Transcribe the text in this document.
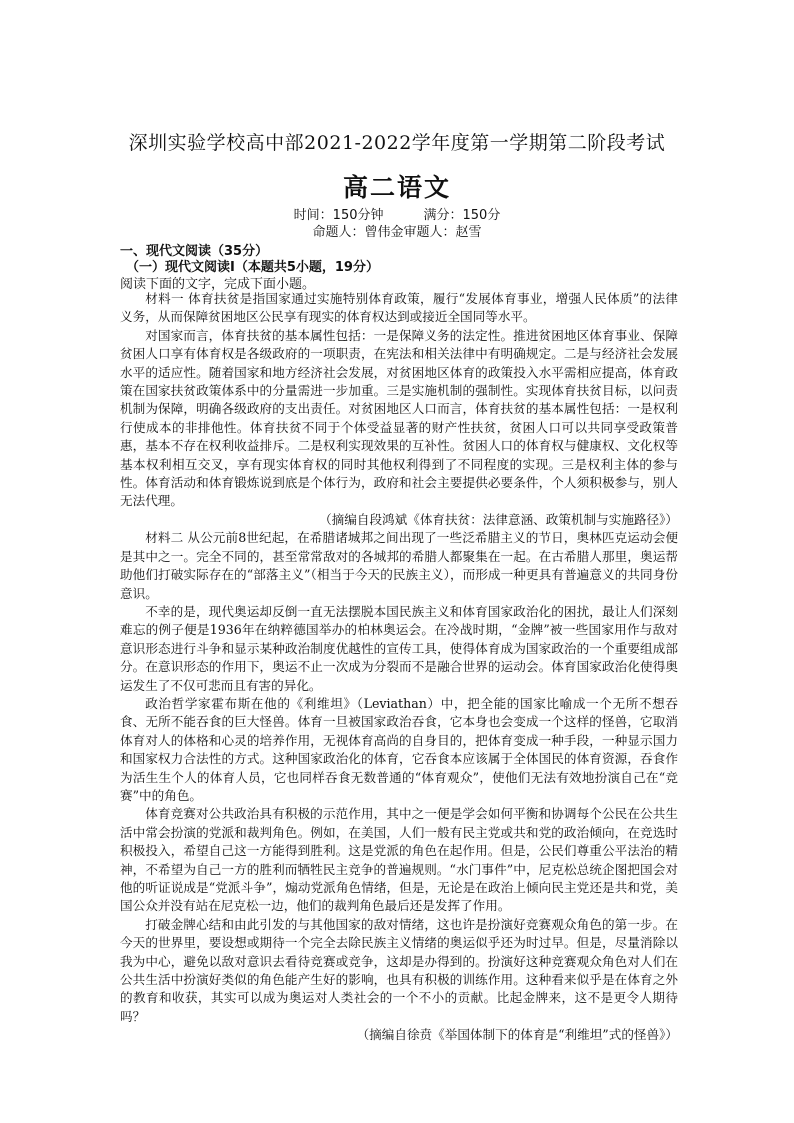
深圳实验学校高中部2021-2022学年度第一学期第二阶段考试
高二语文
时间：150分钟	满分：150分
命题人：曾伟金审题人：赵雪
一、现代文阅读（35分）
（一）现代文阅读Ⅰ（本题共5小题，19分）
阅读下面的文字，完成下面小题。

材料一 体育扶贫是指国家通过实施特别体育政策，履行“发展体育事业，增强人民体质”的法律义务，从而保障贫困地区公民享有现实的体育权达到或接近全国同等水平。

对国家而言，体育扶贫的基本属性包括：一是保障义务的法定性。推进贫困地区体育事业、保障贫困人口享有体育权是各级政府的一项职责，在宪法和相关法律中有明确规定。二是与经济社会发展水平的适应性。随着国家和地方经济社会发展，对贫困地区体育的政策投入水平需相应提高，体育政策在国家扶贫政策体系中的分量需进一步加重。三是实施机制的强制性。实现体育扶贫目标，以问责机制为保障，明确各级政府的支出责任。对贫困地区人口而言，体育扶贫的基本属性包括：一是权利行使成本的非排他性。体育扶贫不同于个体受益显著的财产性扶贫，贫困人口可以共同享受政策普惠，基本不存在权利收益排斥。二是权利实现效果的互补性。贫困人口的体育权与健康权、文化权等基本权利相互交叉，享有现实体育权的同时其他权利得到了不同程度的实现。三是权利主体的参与性。体育活动和体育锻炼说到底是个体行为，政府和社会主要提供必要条件，个人须积极参与，别人无法代理。

（摘编自段鸿斌《体育扶贫：法律意涵、政策机制与实施路径》）

材料二 从公元前8世纪起，在希腊诸城邦之间出现了一些泛希腊主义的节日，奥林匹克运动会便是其中之一。完全不同的，甚至常常敌对的各城邦的希腊人都聚集在一起。在古希腊人那里，奥运帮助他们打破实际存在的“部落主义”（相当于今天的民族主义），而形成一种更具有普遍意义的共同身份意识。

不幸的是，现代奥运却反倒一直无法摆脱本国民族主义和体育国家政治化的困扰，最让人们深刻难忘的例子便是1936年在纳粹德国举办的柏林奥运会。在冷战时期，“金牌”被一些国家用作与敌对意识形态进行斗争和显示某种政治制度优越性的宣传工具，使得体育成为国家政治的一个重要组成部分。在意识形态的作用下，奥运不止一次成为分裂而不是融合世界的运动会。体育国家政治化使得奥运发生了不仅可悲而且有害的异化。

政治哲学家霍布斯在他的《利维坦》（Leviathan）中，把全能的国家比喻成一个无所不想吞食、无所不能吞食的巨大怪兽。体育一旦被国家政治吞食，它本身也会变成一个这样的怪兽，它取消体育对人的体格和心灵的培养作用，无视体育高尚的自身目的，把体育变成一种手段，一种显示国力和国家权力合法性的方式。这种国家政治化的体育，它吞食本应该属于全体国民的体育资源，吞食作为活生生个人的体育人员，它也同样吞食无数普通的“体育观众”，使他们无法有效地扮演自己在“竞赛”中的角色。

体育竞赛对公共政治具有积极的示范作用，其中之一便是学会如何平衡和协调每个公民在公共生活中常会扮演的党派和裁判角色。例如，在美国，人们一般有民主党或共和党的政治倾向，在竞选时积极投入，希望自己这一方能得到胜利。这是党派的角色在起作用。但是，公民们尊重公平法治的精神，不希望为自己一方的胜利而牺牲民主竞争的普遍规则。“水门事件”中，尼克松总统企图把国会对他的听证说成是“党派斗争”，煽动党派角色情绪，但是，无论是在政治上倾向民主党还是共和党，美国公众并没有站在尼克松一边，他们的裁判角色最后还是发挥了作用。

打破金牌心结和由此引发的与其他国家的敌对情绪，这也许是扮演好竞赛观众角色的第一步。在今天的世界里，要设想或期待一个完全去除民族主义情绪的奥运似乎还为时过早。但是，尽量消除以我为中心，避免以敌对意识去看待竞赛或竞争，这却是办得到的。扮演好这种竞赛观众角色对人们在公共生活中扮演好类似的角色能产生好的影响，也具有积极的训练作用。这种看来似乎是在体育之外的教育和收获，其实可以成为奥运对人类社会的一个不小的贡献。比起金牌来，这不是更令人期待吗？

（摘编自徐贲《举国体制下的体育是“利维坦”式的怪兽》）
